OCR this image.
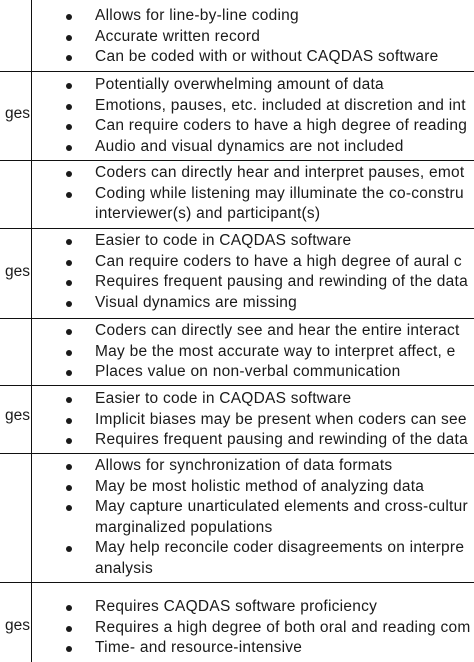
Allows for line-by-line coding
Accurate written record
Can be coded with or without CAQDAS software
ges
Potentially overwhelming amount of data
Emotions, pauses, etc. included at discretion and int
Can require coders to have a high degree of reading
Audio and visual dynamics are not included
Coders can directly hear and interpret pauses, emot
Coding while listening may illuminate the co-constru
interviewer(s) and participant(s)
ges
Easier to code in CAQDAS software
Can require coders to have a high degree of aural c
Requires frequent pausing and rewinding of the data
Visual dynamics are missing
Coders can directly see and hear the entire interact
May be the most accurate way to interpret affect, e
Places value on non-verbal communication
ges
Easier to code in CAQDAS software
Implicit biases may be present when coders can see
Requires frequent pausing and rewinding of the data
Allows for synchronization of data formats
May be most holistic method of analyzing data
May capture unarticulated elements and cross-cultur
marginalized populations
May help reconcile coder disagreements on interpre
analysis
ges
Requires CAQDAS software proficiency
Requires a high degree of both oral and reading com
Time- and resource-intensive
